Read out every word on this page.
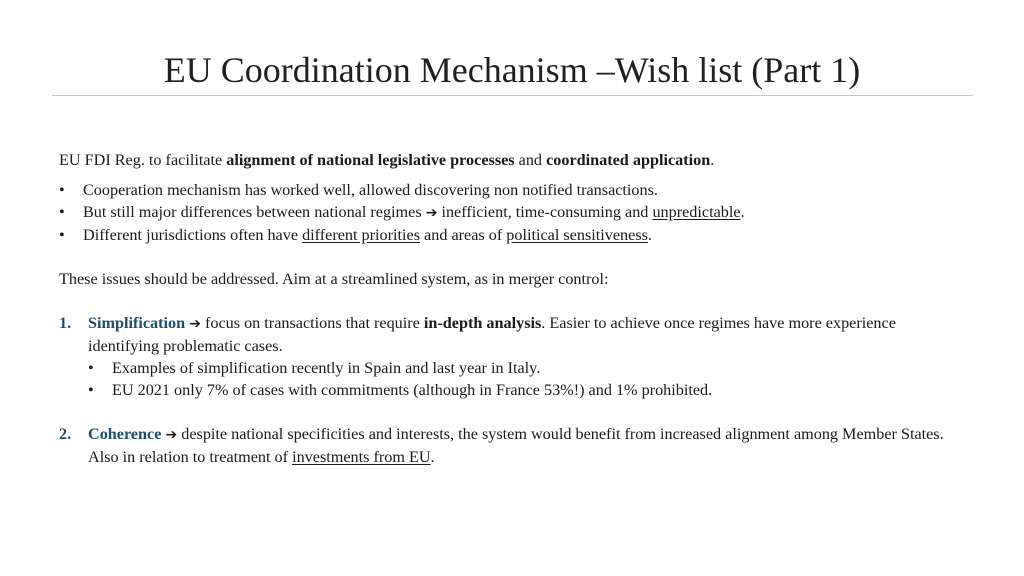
EU Coordination Mechanism –Wish list (Part 1)

EU FDI Reg. to facilitate alignment of national legislative processes and coordinated application.

• Cooperation mechanism has worked well, allowed discovering non notified transactions.
• But still major differences between national regimes ➔ inefficient, time-consuming and unpredictable.
• Different jurisdictions often have different priorities and areas of political sensitiveness.

These issues should be addressed. Aim at a streamlined system, as in merger control:

1. Simplification ➔ focus on transactions that require in-depth analysis. Easier to achieve once regimes have more experience identifying problematic cases.
• Examples of simplification recently in Spain and last year in Italy.
• EU 2021 only 7% of cases with commitments (although in France 53%!) and 1% prohibited.
2. Coherence ➔ despite national specificities and interests, the system would benefit from increased alignment among Member States. Also in relation to treatment of investments from EU.
